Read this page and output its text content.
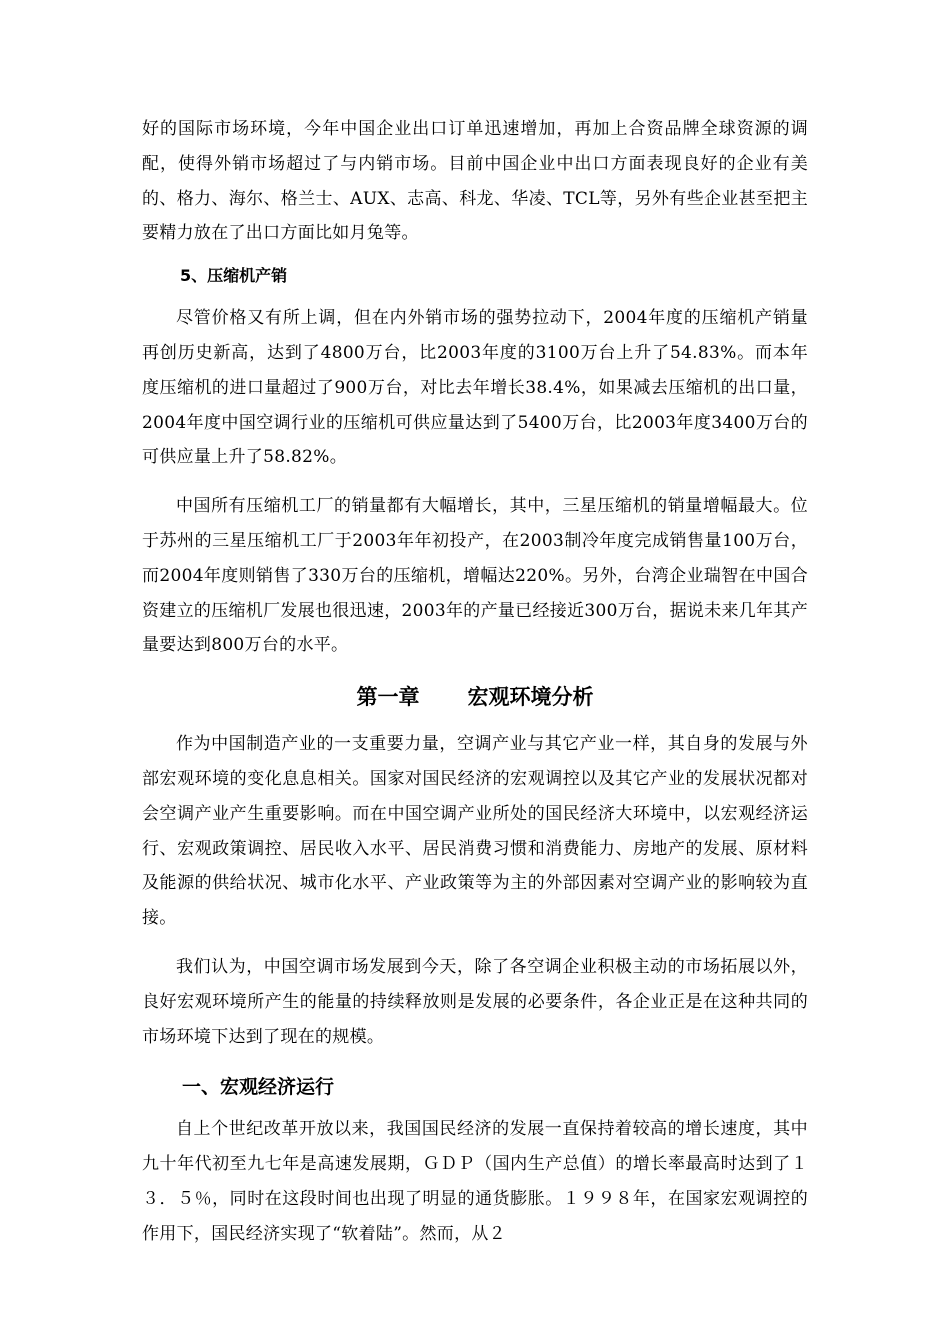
好的国际市场环境，今年中国企业出口订单迅速增加，再加上合资品牌全球资源的调配，使得外销市场超过了与内销市场。目前中国企业中出口方面表现良好的企业有美的、格力、海尔、格兰士、AUX、志高、科龙、华凌、TCL等，另外有些企业甚至把主要精力放在了出口方面比如月兔等。

5、压缩机产销

尽管价格又有所上调，但在内外销市场的强势拉动下，2004年度的压缩机产销量再创历史新高，达到了4800万台，比2003年度的3100万台上升了54.83%。而本年度压缩机的进口量超过了900万台，对比去年增长38.4%，如果减去压缩机的出口量，2004年度中国空调行业的压缩机可供应量达到了5400万台，比2003年度3400万台的可供应量上升了58.82%。

中国所有压缩机工厂的销量都有大幅增长，其中，三星压缩机的销量增幅最大。位于苏州的三星压缩机工厂于2003年年初投产，在2003制冷年度完成销售量100万台，而2004年度则销售了330万台的压缩机，增幅达220%。另外，台湾企业瑞智在中国合资建立的压缩机厂发展也很迅速，2003年的产量已经接近300万台，据说未来几年其产量要达到800万台的水平。

第一章 宏观环境分析

作为中国制造产业的一支重要力量，空调产业与其它产业一样，其自身的发展与外部宏观环境的变化息息相关。国家对国民经济的宏观调控以及其它产业的发展状况都对会空调产业产生重要影响。而在中国空调产业所处的国民经济大环境中，以宏观经济运行、宏观政策调控、居民收入水平、居民消费习惯和消费能力、房地产的发展、原材料及能源的供给状况、城市化水平、产业政策等为主的外部因素对空调产业的影响较为直接。

我们认为，中国空调市场发展到今天，除了各空调企业积极主动的市场拓展以外，良好宏观环境所产生的能量的持续释放则是发展的必要条件，各企业正是在这种共同的市场环境下达到了现在的规模。

一、宏观经济运行

自上个世纪改革开放以来，我国国民经济的发展一直保持着较高的增长速度，其中九十年代初至九七年是高速发展期，ＧＤＰ（国内生产总值）的增长率最高时达到了１３．５％，同时在这段时间也出现了明显的通货膨胀。１９９８年，在国家宏观调控的作用下，国民经济实现了“软着陆”。然而，从２
